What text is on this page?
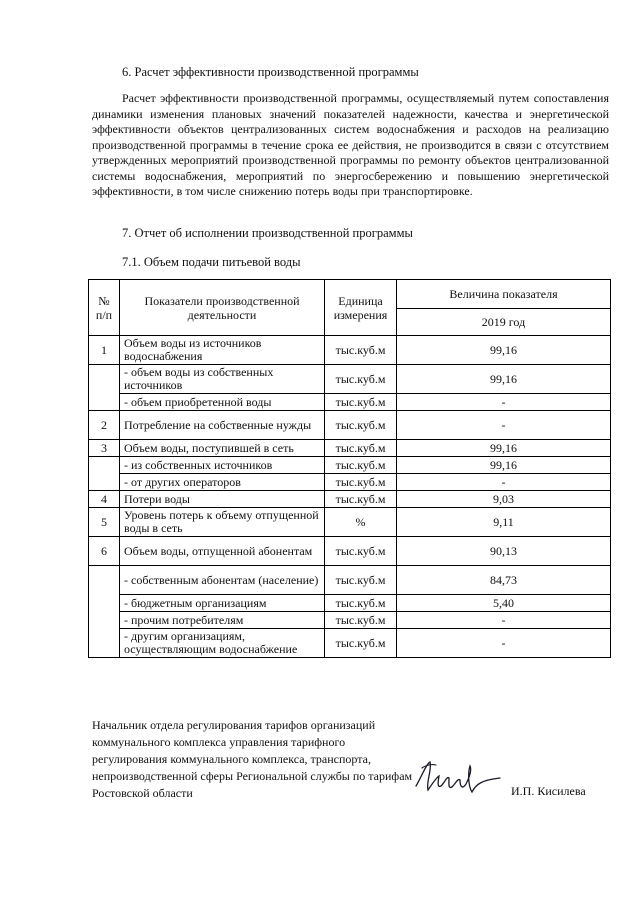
6. Расчет эффективности производственной программы

Расчет эффективности производственной программы, осуществляемый путем сопоставления динамики изменения плановых значений показателей надежности, качества и энергетической эффективности объектов централизованных систем водоснабжения и расходов на реализацию производственной программы в течение срока ее действия, не производится в связи с отсутствием утвержденных мероприятий производственной программы по ремонту объектов централизованной системы водоснабжения, мероприятий по энергосбережению и повышению энергетической эффективности, в том числе снижению потерь воды при транспортировке.

7. Отчет об исполнении производственной программы
7.1. Объем подачи питьевой воды
№ п/п	Показатели производственной деятельности	Единица измерения	Величина показателя
			2019 год
1	Объем воды из источников водоснабжения	тыс.куб.м	99,16
	- объем воды из собственных источников	тыс.куб.м	99,16
	- объем приобретенной воды	тыс.куб.м	-
2	Потребление на собственные нужды	тыс.куб.м	-
3	Объем воды, поступившей в сеть	тыс.куб.м	99,16
	- из собственных источников	тыс.куб.м	99,16
	- от других операторов	тыс.куб.м	-
4	Потери воды	тыс.куб.м	9,03
5	Уровень потерь к объему отпущенной воды в сеть	%	9,11
6	Объем воды, отпущенной абонентам	тыс.куб.м	90,13
	- собственным абонентам (население)	тыс.куб.м	84,73
	- бюджетным организациям	тыс.куб.м	5,40
	- прочим потребителям	тыс.куб.м	-
	- другим организациям, осуществляющим водоснабжение	тыс.куб.м	-
Начальник отдела регулирования тарифов организаций коммунального комплекса управления тарифного регулирования коммунального комплекса, транспорта, непроизводственной сферы Региональной службы по тарифам Ростовской области	И.П. Кисилева
